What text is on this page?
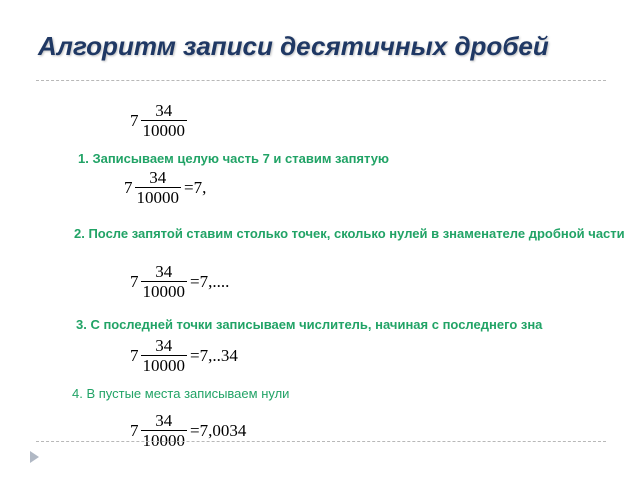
Алгоритм записи десятичных дробей
$7 \frac{34}{10000}$

1. Записываем целую часть 7 и ставим запятую

$7 \frac{34}{10000} =7$,

2. После запятой ставим столько точек, сколько нулей в знаменателе дробной части

$7 \frac{34}{10000} =7$,....

3. С последней точки записываем числитель, начиная с последнего зна

$7 \frac{34}{10000} =7,..34$

4. В пустые места записываем нули

$7 \frac{34}{10000} =7,0034$
